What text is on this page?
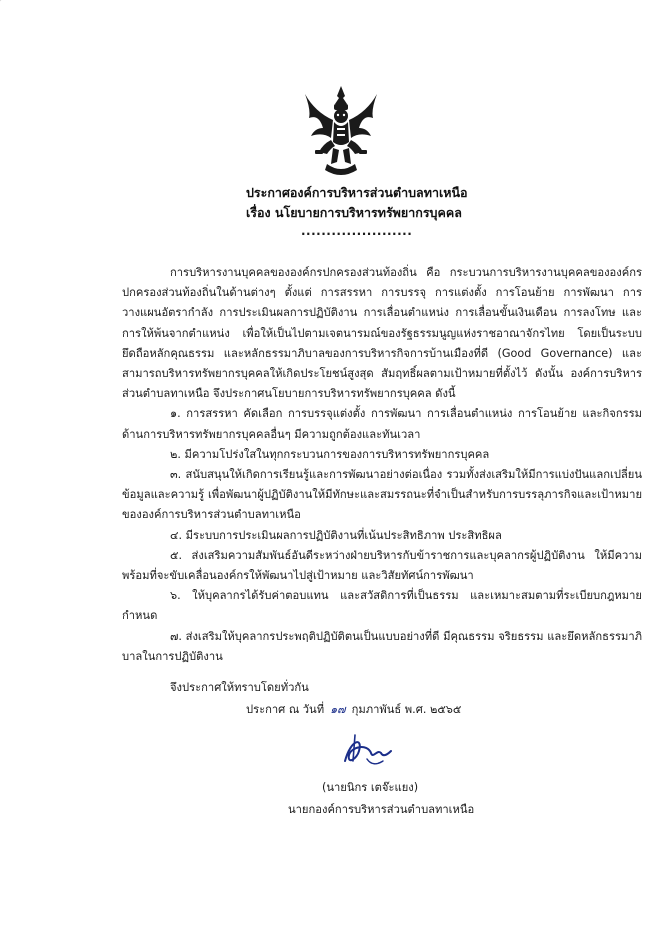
ประกาศองค์การบริหารส่วนตำบลทาเหนือ
เรื่อง นโยบายการบริหารทรัพยากรบุคคล
......................

การบริหารงานบุคคลขององค์กรปกครองส่วนท้องถิ่น คือ กระบวนการบริหารงานบุคคลขององค์กรปกครองส่วนท้องถิ่นในด้านต่างๆ ตั้งแต่ การสรรหา การบรรจุ การแต่งตั้ง การโอนย้าย การพัฒนา การวางแผนอัตรากำลัง การประเมินผลการปฏิบัติงาน การเลื่อนตำแหน่ง การเลื่อนขั้นเงินเดือน การลงโทษ และการให้พ้นจากตำแหน่ง เพื่อให้เป็นไปตามเจตนารมณ์ของรัฐธรรมนูญแห่งราชอาณาจักรไทย โดยเป็นระบบยึดถือหลักคุณธรรม และหลักธรรมาภิบาลของการบริหารกิจการบ้านเมืองที่ดี (Good Governance) และสามารถบริหารทรัพยากรบุคคลให้เกิดประโยชน์สูงสุด สัมฤทธิ์ผลตามเป้าหมายที่ตั้งไว้ ดังนั้น องค์การบริหารส่วนตำบลทาเหนือ จึงประกาศนโยบายการบริหารทรัพยากรบุคคล ดังนี้

๑. การสรรหา คัดเลือก การบรรจุแต่งตั้ง การพัฒนา การเลื่อนตำแหน่ง การโอนย้าย และกิจกรรมด้านการบริหารทรัพยากรบุคคลอื่นๆ มีความถูกต้องและทันเวลา

๒. มีความโปร่งใสในทุกกระบวนการของการบริหารทรัพยากรบุคคล

๓. สนับสนุนให้เกิดการเรียนรู้และการพัฒนาอย่างต่อเนื่อง รวมทั้งส่งเสริมให้มีการแบ่งปันแลกเปลี่ยนข้อมูลและความรู้ เพื่อพัฒนาผู้ปฏิบัติงานให้มีทักษะและสมรรถนะที่จำเป็นสำหรับการบรรลุภารกิจและเป้าหมายขององค์การบริหารส่วนตำบลทาเหนือ

๔. มีระบบการประเมินผลการปฏิบัติงานที่เน้นประสิทธิภาพ ประสิทธิผล

๕. ส่งเสริมความสัมพันธ์อันดีระหว่างฝ่ายบริหารกับข้าราชการและบุคลากรผู้ปฏิบัติงาน ให้มีความพร้อมที่จะขับเคลื่อนองค์กรให้พัฒนาไปสู่เป้าหมาย และวิสัยทัศน์การพัฒนา

๖. ให้บุคลากรได้รับค่าตอบแทน และสวัสดิการที่เป็นธรรม และเหมาะสมตามที่ระเบียบกฎหมายกำหนด

๗. ส่งเสริมให้บุคลากรประพฤติปฏิบัติตนเป็นแบบอย่างที่ดี มีคุณธรรม จริยธรรม และยึดหลักธรรมาภิบาลในการปฏิบัติงาน

จึงประกาศให้ทราบโดยทั่วกัน
ประกาศ ณ วันที่ ๑๗ กุมภาพันธ์ พ.ศ. ๒๕๖๕
(นายนิกร เตจ๊ะแยง)
นายกองค์การบริหารส่วนตำบลทาเหนือ
